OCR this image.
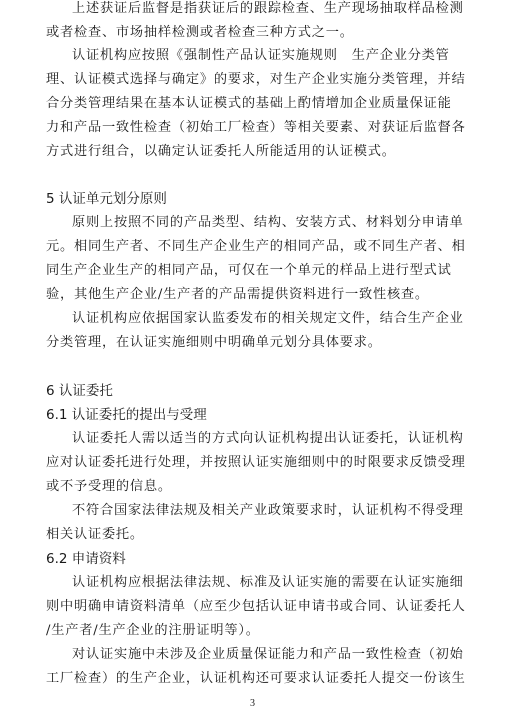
上述获证后监督是指获证后的跟踪检查、生产现场抽取样品检测
或者检查、市场抽样检测或者检查三种方式之一。
认证机构应按照《强制性产品认证实施规则　生产企业分类管
理、认证模式选择与确定》的要求，对生产企业实施分类管理，并结
合分类管理结果在基本认证模式的基础上酌情增加企业质量保证能
力和产品一致性检查（初始工厂检查）等相关要素、对获证后监督各
方式进行组合，以确定认证委托人所能适用的认证模式。
5 认证单元划分原则
原则上按照不同的产品类型、结构、安装方式、材料划分申请单
元。相同生产者、不同生产企业生产的相同产品，或不同生产者、相
同生产企业生产的相同产品，可仅在一个单元的样品上进行型式试
验，其他生产企业/生产者的产品需提供资料进行一致性核查。
认证机构应依据国家认监委发布的相关规定文件，结合生产企业
分类管理，在认证实施细则中明确单元划分具体要求。
6 认证委托
6.1 认证委托的提出与受理
认证委托人需以适当的方式向认证机构提出认证委托，认证机构
应对认证委托进行处理，并按照认证实施细则中的时限要求反馈受理
或不予受理的信息。
不符合国家法律法规及相关产业政策要求时，认证机构不得受理
相关认证委托。
6.2 申请资料
认证机构应根据法律法规、标准及认证实施的需要在认证实施细
则中明确申请资料清单（应至少包括认证申请书或合同、认证委托人
/生产者/生产企业的注册证明等）。
对认证实施中未涉及企业质量保证能力和产品一致性检查（初始
工厂检查）的生产企业，认证机构还可要求认证委托人提交一份该生
3
